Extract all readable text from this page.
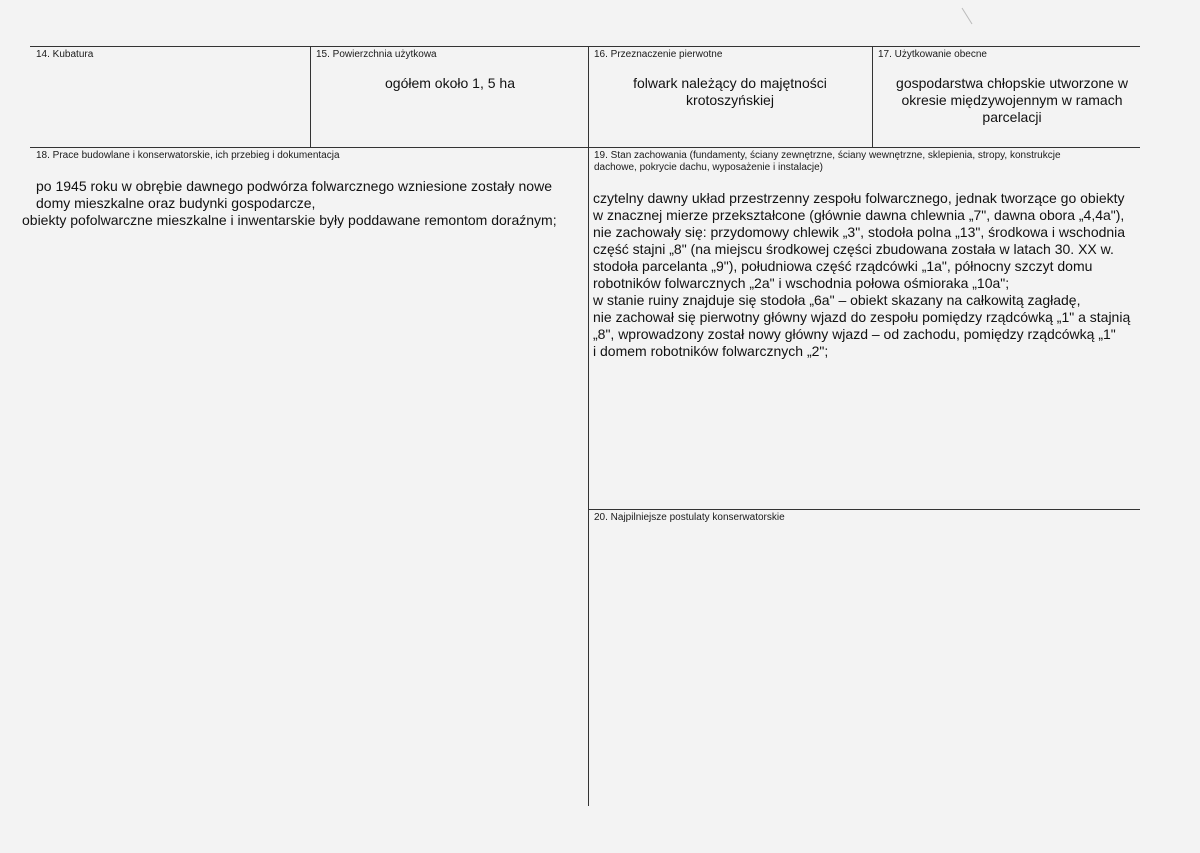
14. Kubatura	15. Powierzchnia użytkowa
ogółem około 1, 5 ha
16. Przeznaczenie pierwotne
folwark należący do majętności krotoszyńskiej
17. Użytkowanie obecne
gospodarstwa chłopskie utworzone w okresie międzywojennym w ramach parcelacji
18. Prace budowlane i konserwatorskie, ich przebieg i dokumentacja

po 1945 roku w obrębie dawnego podwórza folwarcznego wzniesione zostały nowe

domy mieszkalne oraz budynki gospodarcze,

obiekty pofolwarczne mieszkalne i inwentarskie były poddawane remontom doraźnym;

19. Stan zachowania (fundamenty, ściany zewnętrzne, ściany wewnętrzne, sklepienia, stropy, konstrukcje
dachowe, pokrycie dachu, wyposażenie i instalacje)

czytelny dawny układ przestrzenny zespołu folwarcznego, jednak tworzące go obiekty

w znacznej mierze przekształcone (głównie dawna chlewnia „7", dawna obora „4,4a"),

nie zachowały się: przydomowy chlewik „3", stodoła polna „13", środkowa i wschodnia

część stajni „8" (na miejscu środkowej części zbudowana została w latach 30. XX w.

stodoła parcelanta „9"), południowa część rządcówki „1a", północny szczyt domu

robotników folwarcznych „2a" i wschodnia połowa ośmioraka „10a";

w stanie ruiny znajduje się stodoła „6a" – obiekt skazany na całkowitą zagładę,

nie zachował się pierwotny główny wjazd do zespołu pomiędzy rządcówką „1" a stajnią

„8", wprowadzony został nowy główny wjazd – od zachodu, pomiędzy rządcówką „1"

i domem robotników folwarcznych „2";

20. Najpilniejsze postulaty konserwatorskie
